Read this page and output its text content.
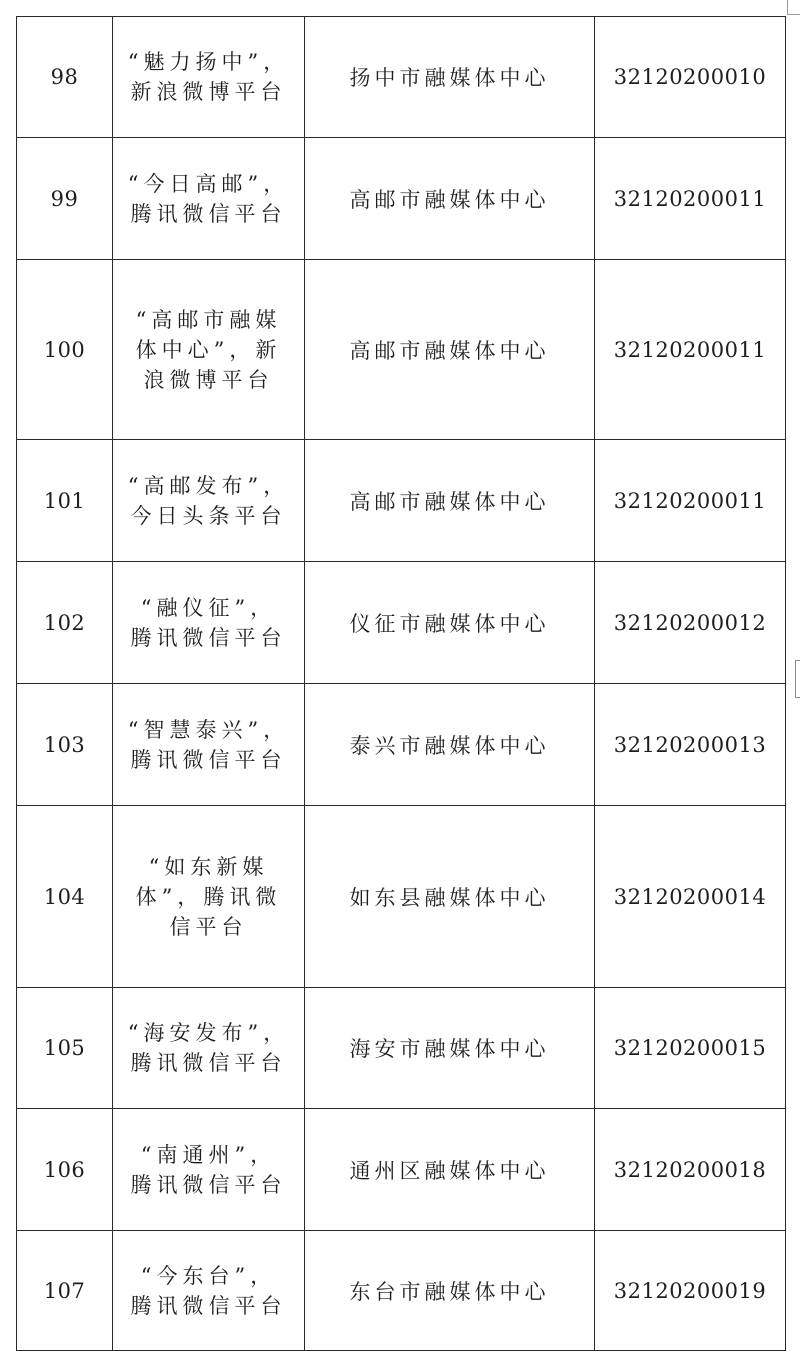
98	“魅力扬中”，
新浪微博平台	扬中市融媒体中心	32120200010
99	“今日高邮”，
腾讯微信平台	高邮市融媒体中心	32120200011
100	“高邮市融媒
体中心”，新
浪微博平台	高邮市融媒体中心	32120200011
101	“高邮发布”，
今日头条平台	高邮市融媒体中心	32120200011
102	“融仪征”，
腾讯微信平台	仪征市融媒体中心	32120200012
103	“智慧泰兴”，
腾讯微信平台	泰兴市融媒体中心	32120200013
104	“如东新媒
体”，腾讯微
信平台	如东县融媒体中心	32120200014
105	“海安发布”，
腾讯微信平台	海安市融媒体中心	32120200015
106	“南通州”，
腾讯微信平台	通州区融媒体中心	32120200018
107	“今东台”，
腾讯微信平台	东台市融媒体中心	32120200019
